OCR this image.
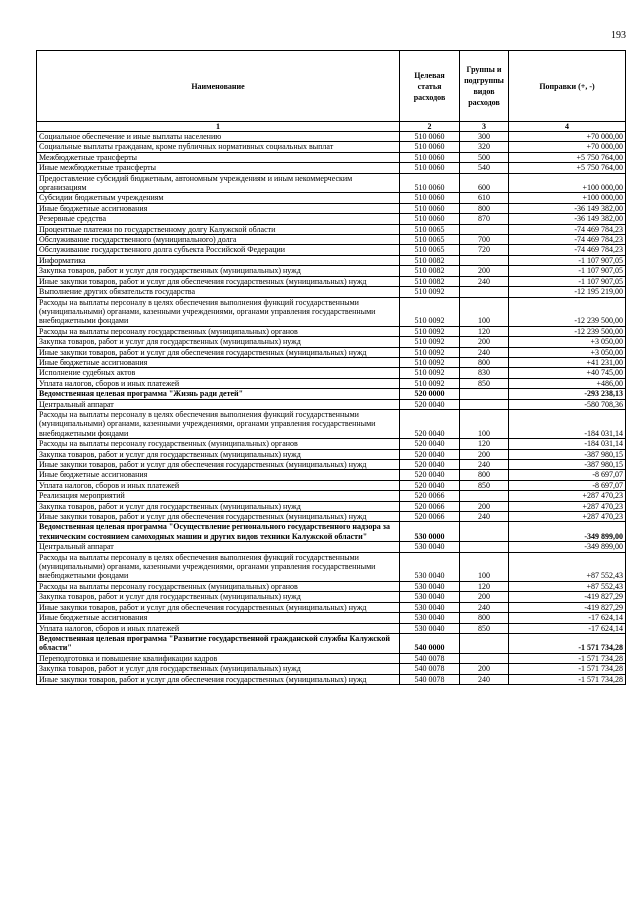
193
Наименование	Целевая статья расходов	Группы и подгруппы видов расходов	Поправки (+, -)
1	2	3	4
Социальное обеспечение и иные выплаты населению	510 0060	300	+70 000,00
Социальные выплаты гражданам, кроме публичных нормативных социальных выплат	510 0060	320	+70 000,00
Межбюджетные трансферты	510 0060	500	+5 750 764,00
Иные межбюджетные трансферты	510 0060	540	+5 750 764,00
Предоставление субсидий бюджетным, автономным учреждениям и иным некоммерческим организациям	510 0060	600	+100 000,00
Субсидии бюджетным учреждениям	510 0060	610	+100 000,00
Иные бюджетные ассигнования	510 0060	800	-36 149 382,00
Резервные средства	510 0060	870	-36 149 382,00
Процентные платежи по государственному долгу Калужской области	510 0065		-74 469 784,23
Обслуживание государственного (муниципального) долга	510 0065	700	-74 469 784,23
Обслуживание государственного долга субъекта Российской Федерации	510 0065	720	-74 469 784,23
Информатика	510 0082		-1 107 907,05
Закупка товаров, работ и услуг для государственных (муниципальных) нужд	510 0082	200	-1 107 907,05
Иные закупки товаров, работ и услуг для обеспечения государственных (муниципальных) нужд	510 0082	240	-1 107 907,05
Выполнение других обязательств государства	510 0092		-12 195 219,00
Расходы на выплаты персоналу в целях обеспечения выполнения функций государственными (муниципальными) органами, казенными учреждениями, органами управления государственными внебюджетными фондами	510 0092	100	-12 239 500,00
Расходы на выплаты персоналу государственных (муниципальных) органов	510 0092	120	-12 239 500,00
Закупка товаров, работ и услуг для государственных (муниципальных) нужд	510 0092	200	+3 050,00
Иные закупки товаров, работ и услуг для обеспечения государственных (муниципальных) нужд	510 0092	240	+3 050,00
Иные бюджетные ассигнования	510 0092	800	+41 231,00
Исполнение судебных актов	510 0092	830	+40 745,00
Уплата налогов, сборов и иных платежей	510 0092	850	+486,00
Ведомственная целевая программа "Жизнь ради детей"	520 0000		-293 238,13
Центральный аппарат	520 0040		-580 708,36
Расходы на выплаты персоналу в целях обеспечения выполнения функций государственными (муниципальными) органами, казенными учреждениями, органами управления государственными внебюджетными фондами	520 0040	100	-184 031,14
Расходы на выплаты персоналу государственных (муниципальных) органов	520 0040	120	-184 031,14
Закупка товаров, работ и услуг для государственных (муниципальных) нужд	520 0040	200	-387 980,15
Иные закупки товаров, работ и услуг для обеспечения государственных (муниципальных) нужд	520 0040	240	-387 980,15
Иные бюджетные ассигнования	520 0040	800	-8 697,07
Уплата налогов, сборов и иных платежей	520 0040	850	-8 697,07
Реализация мероприятий	520 0066		+287 470,23
Закупка товаров, работ и услуг для государственных (муниципальных) нужд	520 0066	200	+287 470,23
Иные закупки товаров, работ и услуг для обеспечения государственных (муниципальных) нужд	520 0066	240	+287 470,23
Ведомственная целевая программа "Осуществление регионального государственного надзора за техническим состоянием самоходных машин и других видов техники Калужской области"	530 0000		-349 899,00
Центральный аппарат	530 0040		-349 899,00
Расходы на выплаты персоналу в целях обеспечения выполнения функций государственными (муниципальными) органами, казенными учреждениями, органами управления государственными внебюджетными фондами	530 0040	100	+87 552,43
Расходы на выплаты персоналу государственных (муниципальных) органов	530 0040	120	+87 552,43
Закупка товаров, работ и услуг для государственных (муниципальных) нужд	530 0040	200	-419 827,29
Иные закупки товаров, работ и услуг для обеспечения государственных (муниципальных) нужд	530 0040	240	-419 827,29
Иные бюджетные ассигнования	530 0040	800	-17 624,14
Уплата налогов, сборов и иных платежей	530 0040	850	-17 624,14
Ведомственная целевая программа "Развитие государственной гражданской службы Калужской области"	540 0000		-1 571 734,28
Переподготовка и повышение квалификации кадров	540 0078		-1 571 734,28
Закупка товаров, работ и услуг для государственных (муниципальных) нужд	540 0078	200	-1 571 734,28
Иные закупки товаров, работ и услуг для обеспечения государственных (муниципальных) нужд	540 0078	240	-1 571 734,28
